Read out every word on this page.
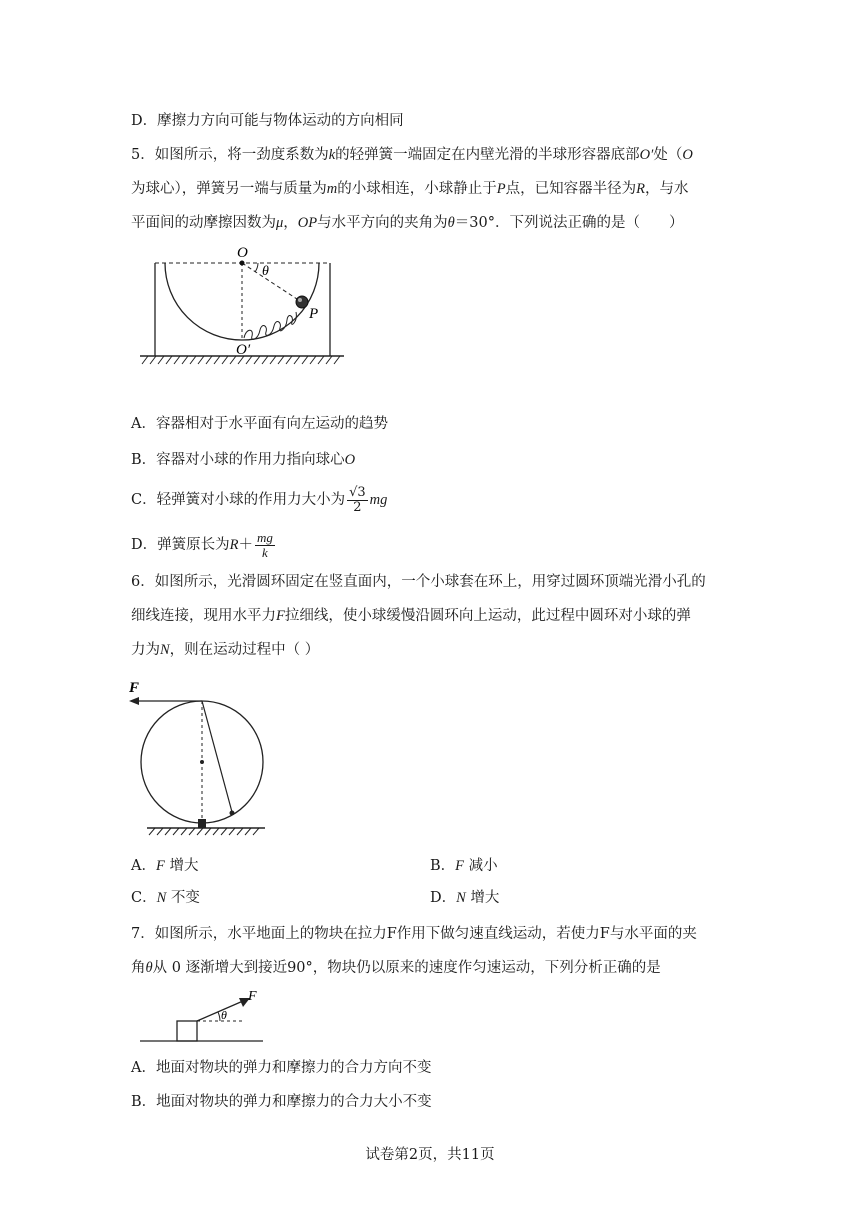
D．摩擦力方向可能与物体运动的方向相同
5．如图所示，将一劲度系数为k的轻弹簧一端固定在内壁光滑的半球形容器底部O′处（O
为球心），弹簧另一端与质量为m的小球相连，小球静止于P点，已知容器半径为R，与水
平面间的动摩擦因数为μ，OP与水平方向的夹角为θ＝30°．下列说法正确的是（　　）
O
θ
P
O′
A．容器相对于水平面有向左运动的趋势
B．容器对小球的作用力指向球心O
C．轻弹簧对小球的作用力大小为 $\frac{√3}{2}$ mg
D．弹簧原长为$R+ \frac{mg}{k}$
6．如图所示，光滑圆环固定在竖直面内，一个小球套在环上，用穿过圆环顶端光滑小孔的
细线连接，现用水平力F拉细线，使小球缓慢沿圆环向上运动，此过程中圆环对小球的弹
力为N，则在运动过程中（ ）
F
A．F 增大	B．F 减小
C．N 不变	D．N 增大
7．如图所示，水平地面上的物块在拉力F作用下做匀速直线运动，若使力F与水平面的夹
角θ从 0 逐渐增大到接近90°，物块仍以原来的速度作匀速运动，下列分析正确的是
F
θ
A．地面对物块的弹力和摩擦力的合力方向不变
B．地面对物块的弹力和摩擦力的合力大小不变
试卷第2页，共11页
